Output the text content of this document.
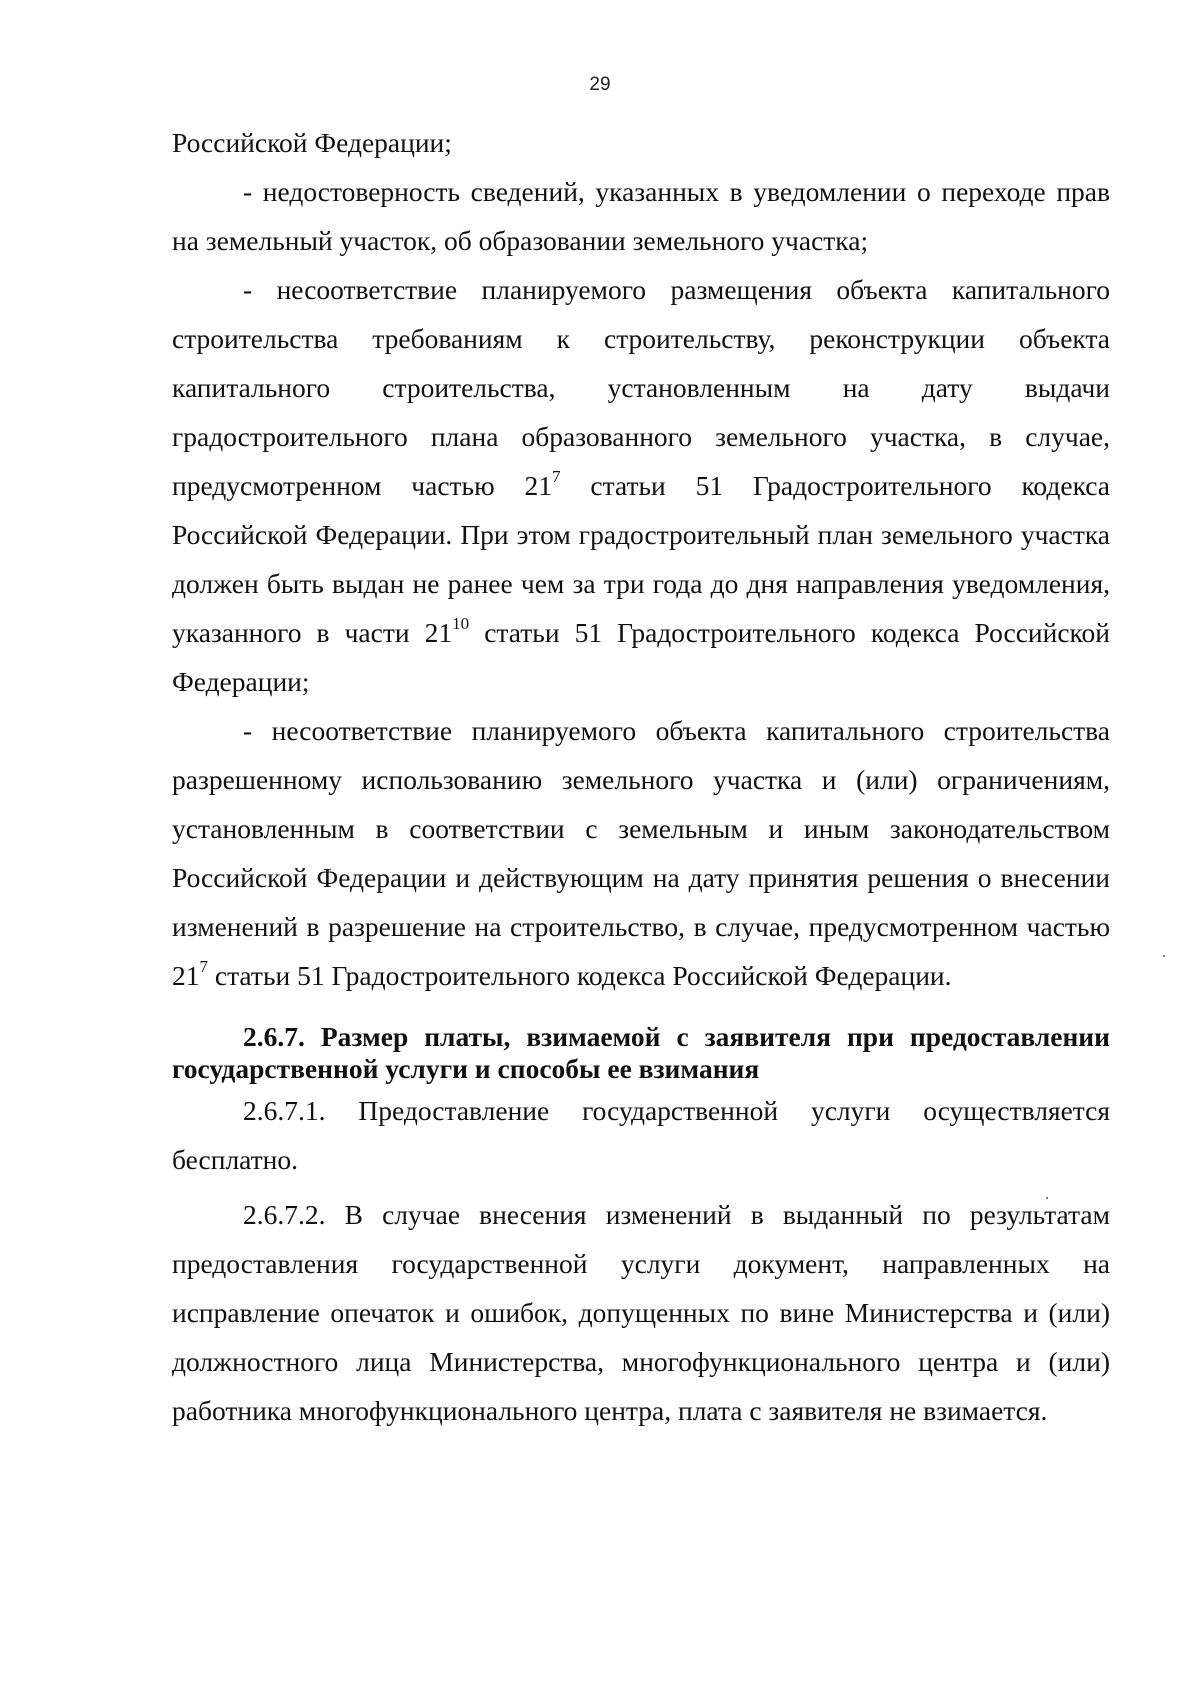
29

Российской Федерации;

- недостоверность сведений, указанных в уведомлении о переходе прав на земельный участок, об образовании земельного участка;

- несоответствие планируемого размещения объекта капитального строительства требованиям к строительству, реконструкции объекта капитального строительства, установленным на дату выдачи градостроительного плана образованного земельного участка, в случае, предусмотренном частью $21^7$ статьи 51 Градостроительного кодекса Российской Федерации. При этом градостроительный план земельного участка должен быть выдан не ранее чем за три года до дня направления уведомления, указанного в части $21^{10}$ статьи 51 Градостроительного кодекса Российской Федерации;

- несоответствие планируемого объекта капитального строительства разрешенному использованию земельного участка и (или) ограничениям, установленным в соответствии с земельным и иным законодательством Российской Федерации и действующим на дату принятия решения о внесении изменений в разрешение на строительство, в случае, предусмотренном частью $21^7$ статьи 51 Градостроительного кодекса Российской Федерации.

2.6.7. Размер платы, взимаемой с заявителя при предоставлении государственной услуги и способы ее взимания

2.6.7.1. Предоставление государственной услуги осуществляется бесплатно.

2.6.7.2. В случае внесения изменений в выданный по результатам предоставления государственной услуги документ, направленных на исправление опечаток и ошибок, допущенных по вине Министерства и (или) должностного лица Министерства, многофункционального центра и (или) работника многофункционального центра, плата с заявителя не взимается.
